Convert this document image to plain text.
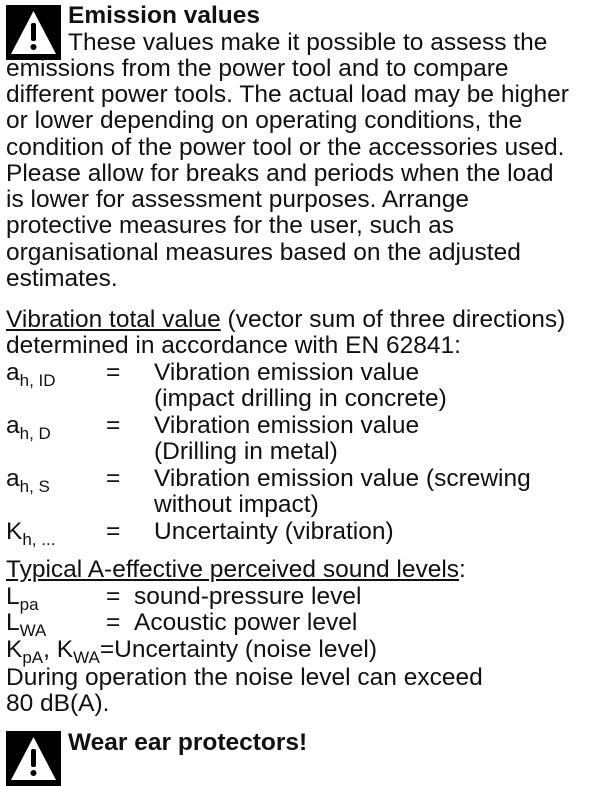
Emission values
These values make it possible to assess the
emissions from the power tool and to compare
different power tools. The actual load may be higher
or lower depending on operating conditions, the
condition of the power tool or the accessories used.
Please allow for breaks and periods when the load
is lower for assessment purposes. Arrange
protective measures for the user, such as
organisational measures based on the adjusted
estimates.
Vibration total value (vector sum of three directions)
determined in accordance with EN 62841:
$a_{h, ID}$ = Vibration emission value
(impact drilling in concrete)
$a_{h, D}$ = Vibration emission value
(Drilling in metal)
$a_{h, S}$ = Vibration emission value (screwing
without impact)
$K_{h, ...}$ = Uncertainty (vibration)
Typical A-effective perceived sound levels:
$L_{pa}$	= sound-pressure level
$L_{WA}$ = Acoustic power level
$K_{pA}$, $K_{WA}=Uncertainty$ (noise level)
During operation the noise level can exceed
80 dB(A).
Wear ear protectors!
